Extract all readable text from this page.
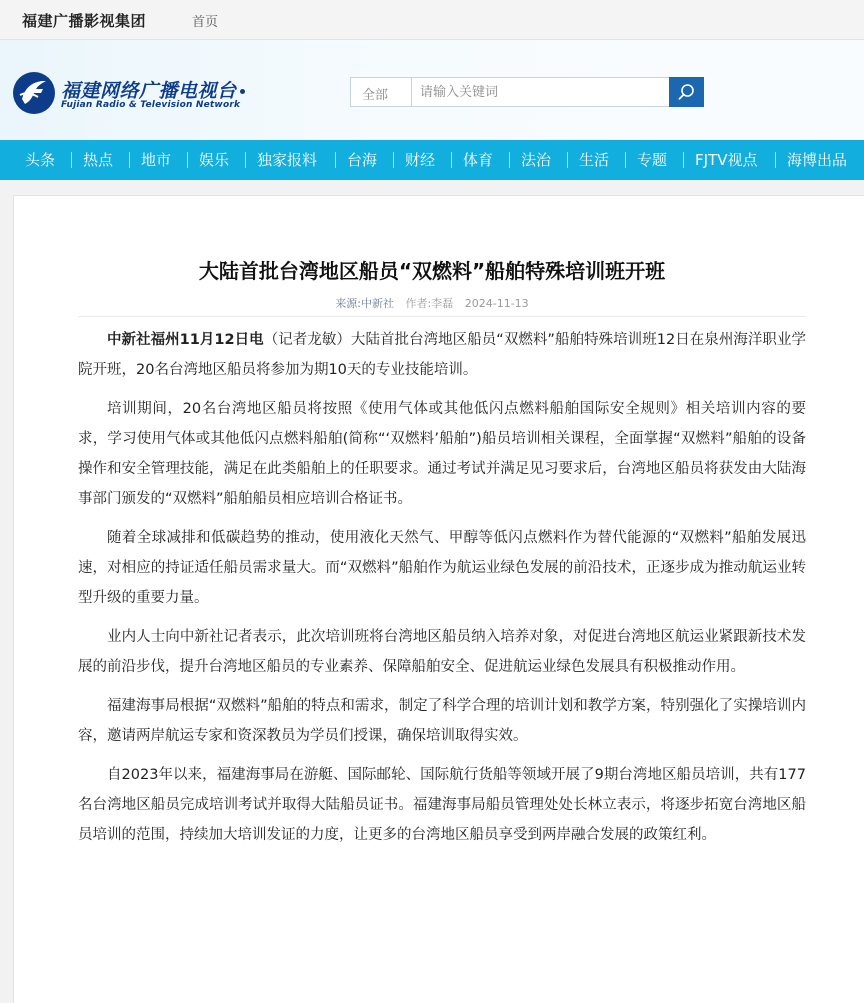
福建广播影视集团	首页
福建网络广播电视台
Fujian Radio & Television Network
全部
请输入关键词
头条 热点 地市 娱乐 独家报料 台海 财经 体育 法治 生活 专题 FJTV视点 海博出品
大陆首批台湾地区船员“双燃料”船舶特殊培训班开班
来源:中新社 作者:李磊 2024-11-13

中新社福州11月12日电（记者龙敏）大陆首批台湾地区船员“双燃料”船舶特殊培训班12日在泉州海洋职业学院开班，20名台湾地区船员将参加为期10天的专业技能培训。

培训期间，20名台湾地区船员将按照《使用气体或其他低闪点燃料船舶国际安全规则》相关培训内容的要求，学习使用气体或其他低闪点燃料船舶(简称“‘双燃料’船舶”)船员培训相关课程，全面掌握“双燃料”船舶的设备操作和安全管理技能，满足在此类船舶上的任职要求。通过考试并满足见习要求后，台湾地区船员将获发由大陆海事部门颁发的“双燃料”船舶船员相应培训合格证书。

随着全球减排和低碳趋势的推动，使用液化天然气、甲醇等低闪点燃料作为替代能源的“双燃料”船舶发展迅速，对相应的持证适任船员需求量大。而“双燃料”船舶作为航运业绿色发展的前沿技术，正逐步成为推动航运业转型升级的重要力量。

业内人士向中新社记者表示，此次培训班将台湾地区船员纳入培养对象，对促进台湾地区航运业紧跟新技术发展的前沿步伐，提升台湾地区船员的专业素养、保障船舶安全、促进航运业绿色发展具有积极推动作用。

福建海事局根据“双燃料”船舶的特点和需求，制定了科学合理的培训计划和教学方案，特别强化了实操培训内容，邀请两岸航运专家和资深教员为学员们授课，确保培训取得实效。

自2023年以来，福建海事局在游艇、国际邮轮、国际航行货船等领域开展了9期台湾地区船员培训，共有177名台湾地区船员完成培训考试并取得大陆船员证书。福建海事局船员管理处处长林立表示，将逐步拓宽台湾地区船员培训的范围，持续加大培训发证的力度，让更多的台湾地区船员享受到两岸融合发展的政策红利。
